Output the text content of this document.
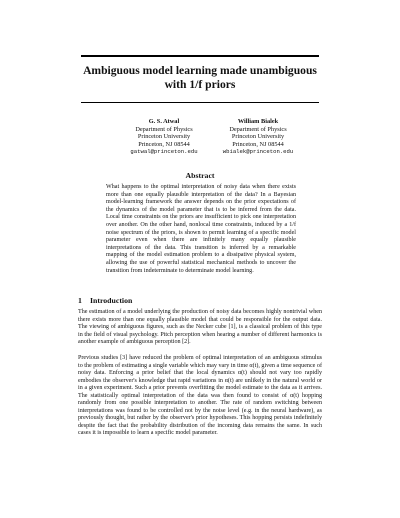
Ambiguous model learning made unambiguous
with 1/f priors
G. S. Atwal
Department of Physics
Princeton University
Princeton, NJ 08544
gatwal@princeton.edu
William Bialek
Department of Physics
Princeton University
Princeton, NJ 08544
wbialek@princeton.edu
Abstract

What happens to the optimal interpretation of noisy data when there exists more than one equally plausible interpretation of the data? In a Bayesian model-learning framework the answer depends on the prior expectations of the dynamics of the model parameter that is to be inferred from the data. Local time constraints on the priors are insufficient to pick one interpretation over another. On the other hand, nonlocal time constraints, induced by a 1/f noise spectrum of the priors, is shown to permit learning of a specific model parameter even when there are infinitely many equally plausible interpretations of the data. This transition is inferred by a remarkable mapping of the model estimation problem to a dissipative physical system, allowing the use of powerful statistical mechanical methods to uncover the transition from indeterminate to determinate model learning.

1 Introduction

The estimation of a model underlying the production of noisy data becomes highly nontrivial when there exists more than one equally plausible model that could be responsible for the output data. The viewing of ambiguous figures, such as the Necker cube [1], is a classical problem of this type in the field of visual psychology. Pitch perception when hearing a number of different harmonics is another example of ambiguous perception [2].

Previous studies [3] have reduced the problem of optimal interpretation of an ambiguous stimulus to the problem of estimating a single variable which may vary in time α(t), given a time sequence of noisy data. Enforcing a prior belief that the local dynamics α(t) should not vary too rapidly embodies the observer's knowledge that rapid variations in α(t) are unlikely in the natural world or in a given experiment. Such a prior prevents overfitting the model estimate to the data as it arrives. The statistically optimal interpretation of the data was then found to consist of α(t) hopping randomly from one possible interpretation to another. The rate of random switching between interpretations was found to be controlled not by the noise level (e.g. in the neural hardware), as previously thought, but rather by the observer's prior hypotheses. This hopping persists indefinitely despite the fact that the probability distribution of the incoming data remains the same. In such cases it is impossible to learn a specific model parameter.
